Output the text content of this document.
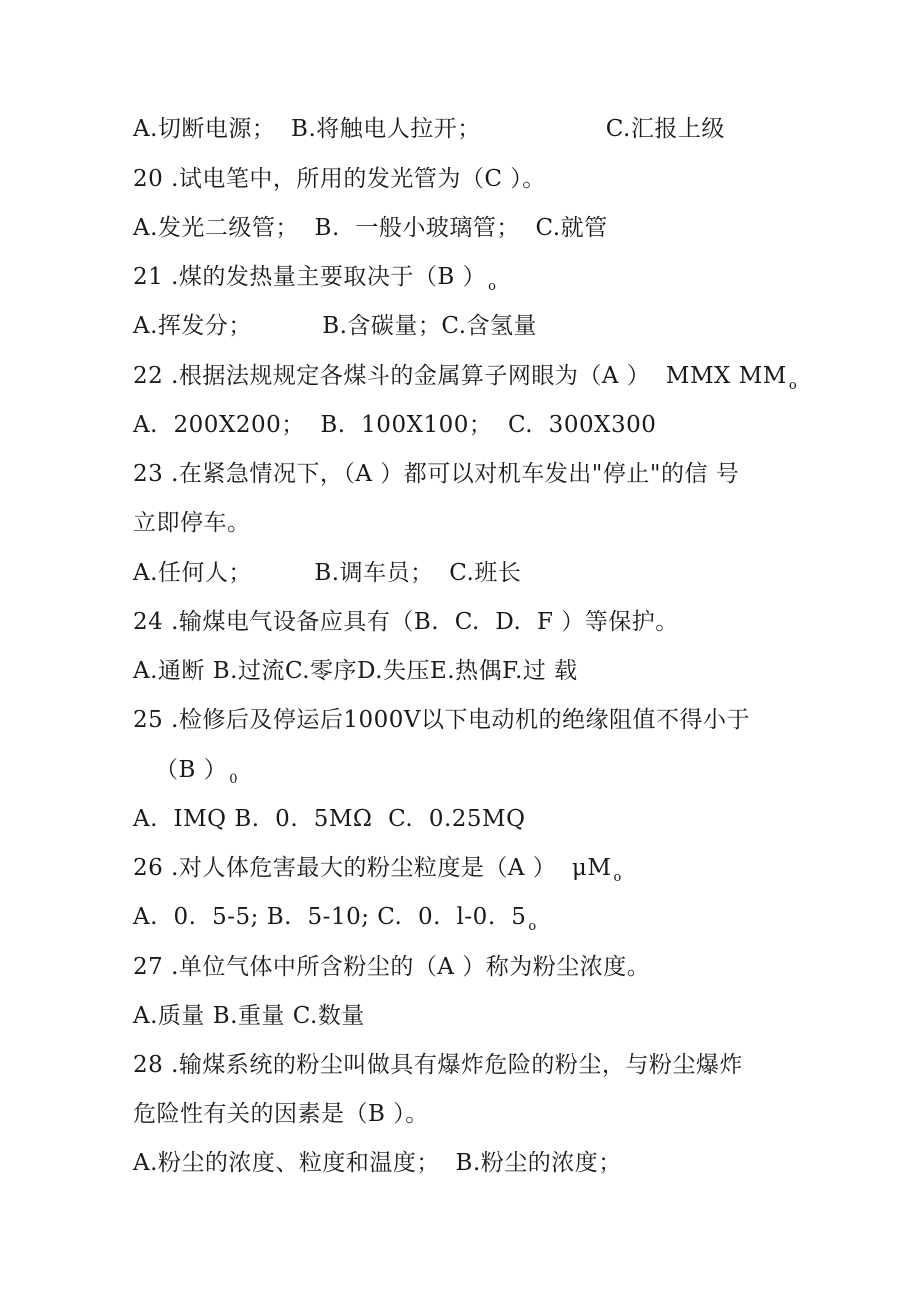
A.切断电源；  B.将触电人拉开；                C.汇报上级
20 .试电笔中，所用的发光管为（C ）。
A.发光二级管；  B.  一般小玻璃管；  C.就管
21 .煤的发热量主要取决于（B ） $_o$
A.挥发分；         B.含碳量；C.含氢量
22 .根据法规规定各煤斗的金属算子网眼为（A ）  MMX MM $_o$
A.  200X200；  B.  100X100；  C.  300X300
23 .在紧急情况下，（A ）都可以对机车发出"停止"的信 号
立即停车。
A.任何人；        B.调车员；  C.班长
24 .输煤电气设备应具有（B.  C.  D.  F ）等保护。
A.通断 B.过流C.零序D.失压E.热偶F.过 载
25 .检修后及停运后1000V以下电动机的绝缘阻值不得小于
（B ） $_0$
A.  IMQ B.  0.  5MΩ  C.  0.25MQ
26 .对人体危害最大的粉尘粒度是（A ）  μM $_o$
A.  0.  5-5; B.  5-10; C.  0.  l-0.  5 $_o$
27 .单位气体中所含粉尘的（A ）称为粉尘浓度。
A.质量 B.重量 C.数量
28 .输煤系统的粉尘叫做具有爆炸危险的粉尘，与粉尘爆炸
危险性有关的因素是（B ）。
A.粉尘的浓度、粒度和温度；  B.粉尘的浓度；
